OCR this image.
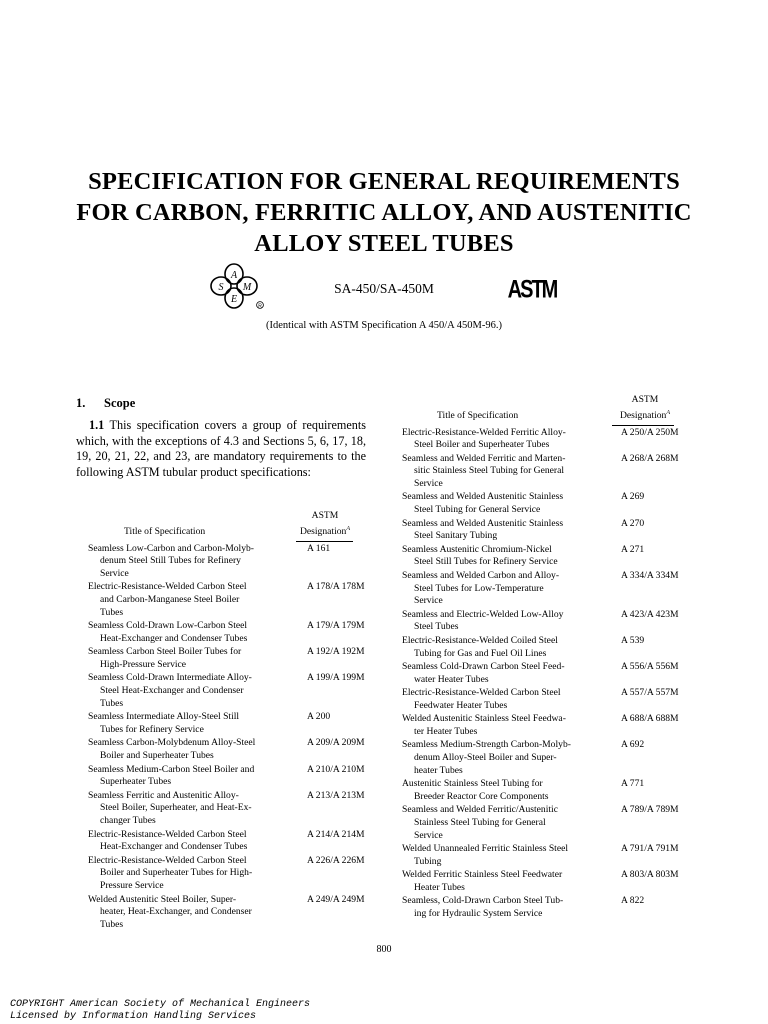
SPECIFICATION FOR GENERAL REQUIREMENTS
FOR CARBON, FERRITIC ALLOY, AND AUSTENITIC
ALLOY STEEL TUBES
A
S M
E
R
SA-450/SA-450M	ASTM
(Identical with ASTM Specification A 450/A 450M-96.)
1. Scope
1.1 This specification covers a group of requirements which, with the exceptions of 4.3 and Sections 5, 6, 17, 18, 19, 20, 21, 22, and 23, are mandatory requirements to the following ASTM tubular product specifications:
Title of Specification
ASTM
Designation$^A$
Seamless Low-Carbon and Carbon-Molyb-
denum Steel Still Tubes for Refinery
Service
A 161
Electric-Resistance-Welded Carbon Steel
and Carbon-Manganese Steel Boiler
Tubes
A 178/A 178M
Seamless Cold-Drawn Low-Carbon Steel
Heat-Exchanger and Condenser Tubes
A 179/A 179M
Seamless Carbon Steel Boiler Tubes for
High-Pressure Service
A 192/A 192M
Seamless Cold-Drawn Intermediate Alloy-
Steel Heat-Exchanger and Condenser
Tubes
A 199/A 199M
Seamless Intermediate Alloy-Steel Still
Tubes for Refinery Service
A 200
Seamless Carbon-Molybdenum Alloy-Steel
Boiler and Superheater Tubes
A 209/A 209M
Seamless Medium-Carbon Steel Boiler and
Superheater Tubes
A 210/A 210M
Seamless Ferritic and Austenitic Alloy-
Steel Boiler, Superheater, and Heat-Ex-
changer Tubes
A 213/A 213M
Electric-Resistance-Welded Carbon Steel
Heat-Exchanger and Condenser Tubes
A 214/A 214M
Electric-Resistance-Welded Carbon Steel
Boiler and Superheater Tubes for High-
Pressure Service
A 226/A 226M
Welded Austenitic Steel Boiler, Super-
heater, Heat-Exchanger, and Condenser
Tubes
A 249/A 249M
Title of Specification
ASTM
Designation$^A$
Electric-Resistance-Welded Ferritic Alloy-
Steel Boiler and Superheater Tubes
A 250/A 250M
Seamless and Welded Ferritic and Marten-
sitic Stainless Steel Tubing for General
Service
A 268/A 268M
Seamless and Welded Austenitic Stainless
Steel Tubing for General Service
A 269
Seamless and Welded Austenitic Stainless
Steel Sanitary Tubing
A 270
Seamless Austenitic Chromium-Nickel
Steel Still Tubes for Refinery Service
A 271
Seamless and Welded Carbon and Alloy-
Steel Tubes for Low-Temperature
Service
A 334/A 334M
Seamless and Electric-Welded Low-Alloy
Steel Tubes
A 423/A 423M
Electric-Resistance-Welded Coiled Steel
Tubing for Gas and Fuel Oil Lines
A 539
Seamless Cold-Drawn Carbon Steel Feed-
water Heater Tubes
A 556/A 556M
Electric-Resistance-Welded Carbon Steel
Feedwater Heater Tubes
A 557/A 557M
Welded Austenitic Stainless Steel Feedwa-
ter Heater Tubes
A 688/A 688M
Seamless Medium-Strength Carbon-Molyb-
denum Alloy-Steel Boiler and Super-
heater Tubes
A 692
Austenitic Stainless Steel Tubing for
Breeder Reactor Core Components
A 771
Seamless and Welded Ferritic/Austenitic
Stainless Steel Tubing for General
Service
A 789/A 789M
Welded Unannealed Ferritic Stainless Steel
Tubing
A 791/A 791M
Welded Ferritic Stainless Steel Feedwater
Heater Tubes
A 803/A 803M
Seamless, Cold-Drawn Carbon Steel Tub-
ing for Hydraulic System Service
A 822
800
COPYRIGHT American Society of Mechanical Engineers
Licensed by Information Handling Services
